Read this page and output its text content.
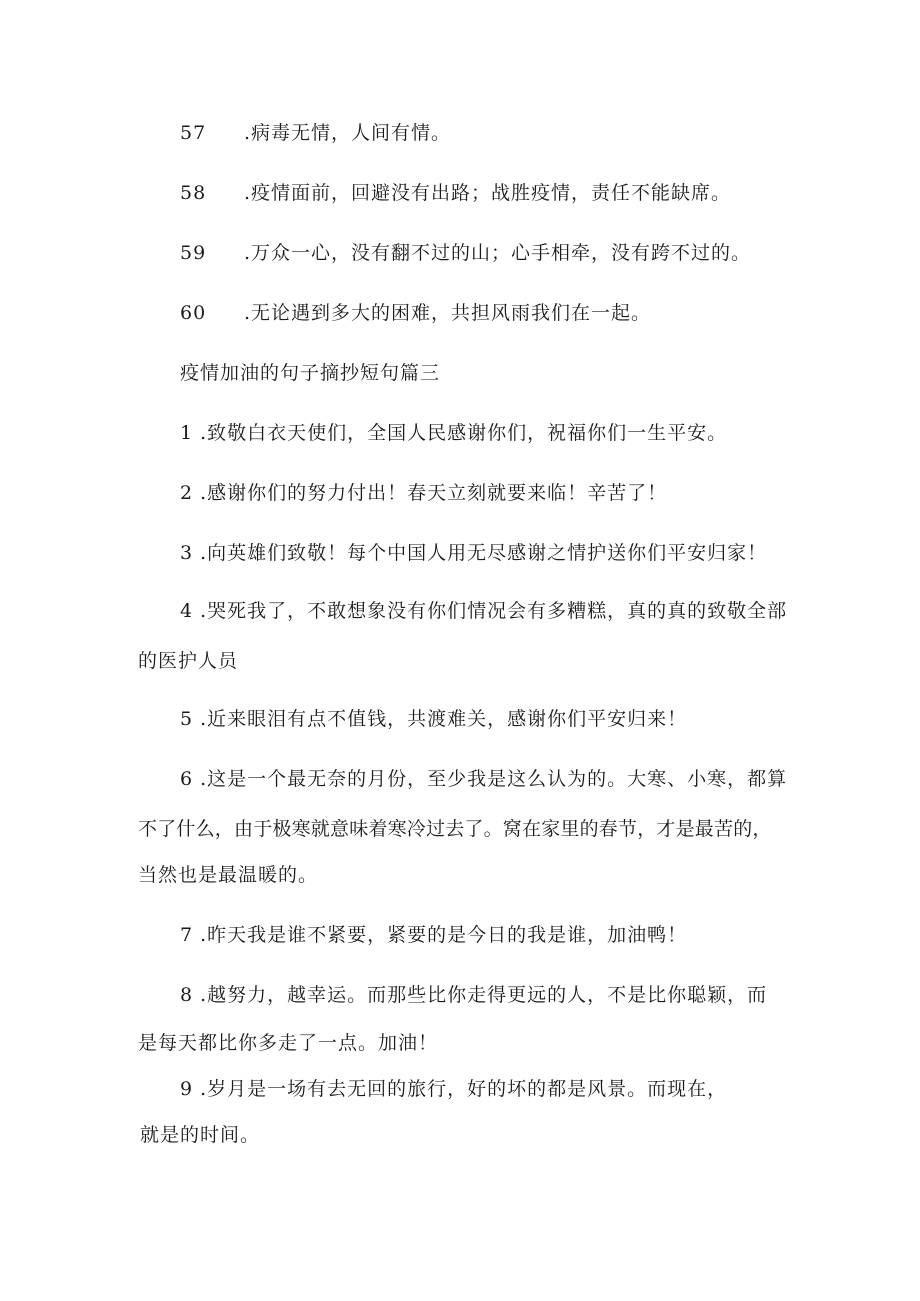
57 .病毒无情，人间有情。
58 .疫情面前，回避没有出路；战胜疫情，责任不能缺席。
59 .万众一心，没有翻不过的山；心手相牵，没有跨不过的。
60 .无论遇到多大的困难，共担风雨我们在一起。
疫情加油的句子摘抄短句篇三
1 .致敬白衣天使们，全国人民感谢你们，祝福你们一生平安。
2 .感谢你们的努力付出！春天立刻就要来临！辛苦了！
3 .向英雄们致敬！每个中国人用无尽感谢之情护送你们平安归家！
4 .哭死我了，不敢想象没有你们情况会有多糟糕，真的真的致敬全部
的医护人员
5 .近来眼泪有点不值钱，共渡难关，感谢你们平安归来！
6 .这是一个最无奈的月份，至少我是这么认为的。大寒、小寒，都算
不了什么，由于极寒就意味着寒冷过去了。窝在家里的春节，才是最苦的，
当然也是最温暖的。
7 .昨天我是谁不紧要，紧要的是今日的我是谁，加油鸭！
8 .越努力，越幸运。而那些比你走得更远的人，不是比你聪颖，而
是每天都比你多走了一点。加油！
9 .岁月是一场有去无回的旅行，好的坏的都是风景。而现在，
就是的时间。
